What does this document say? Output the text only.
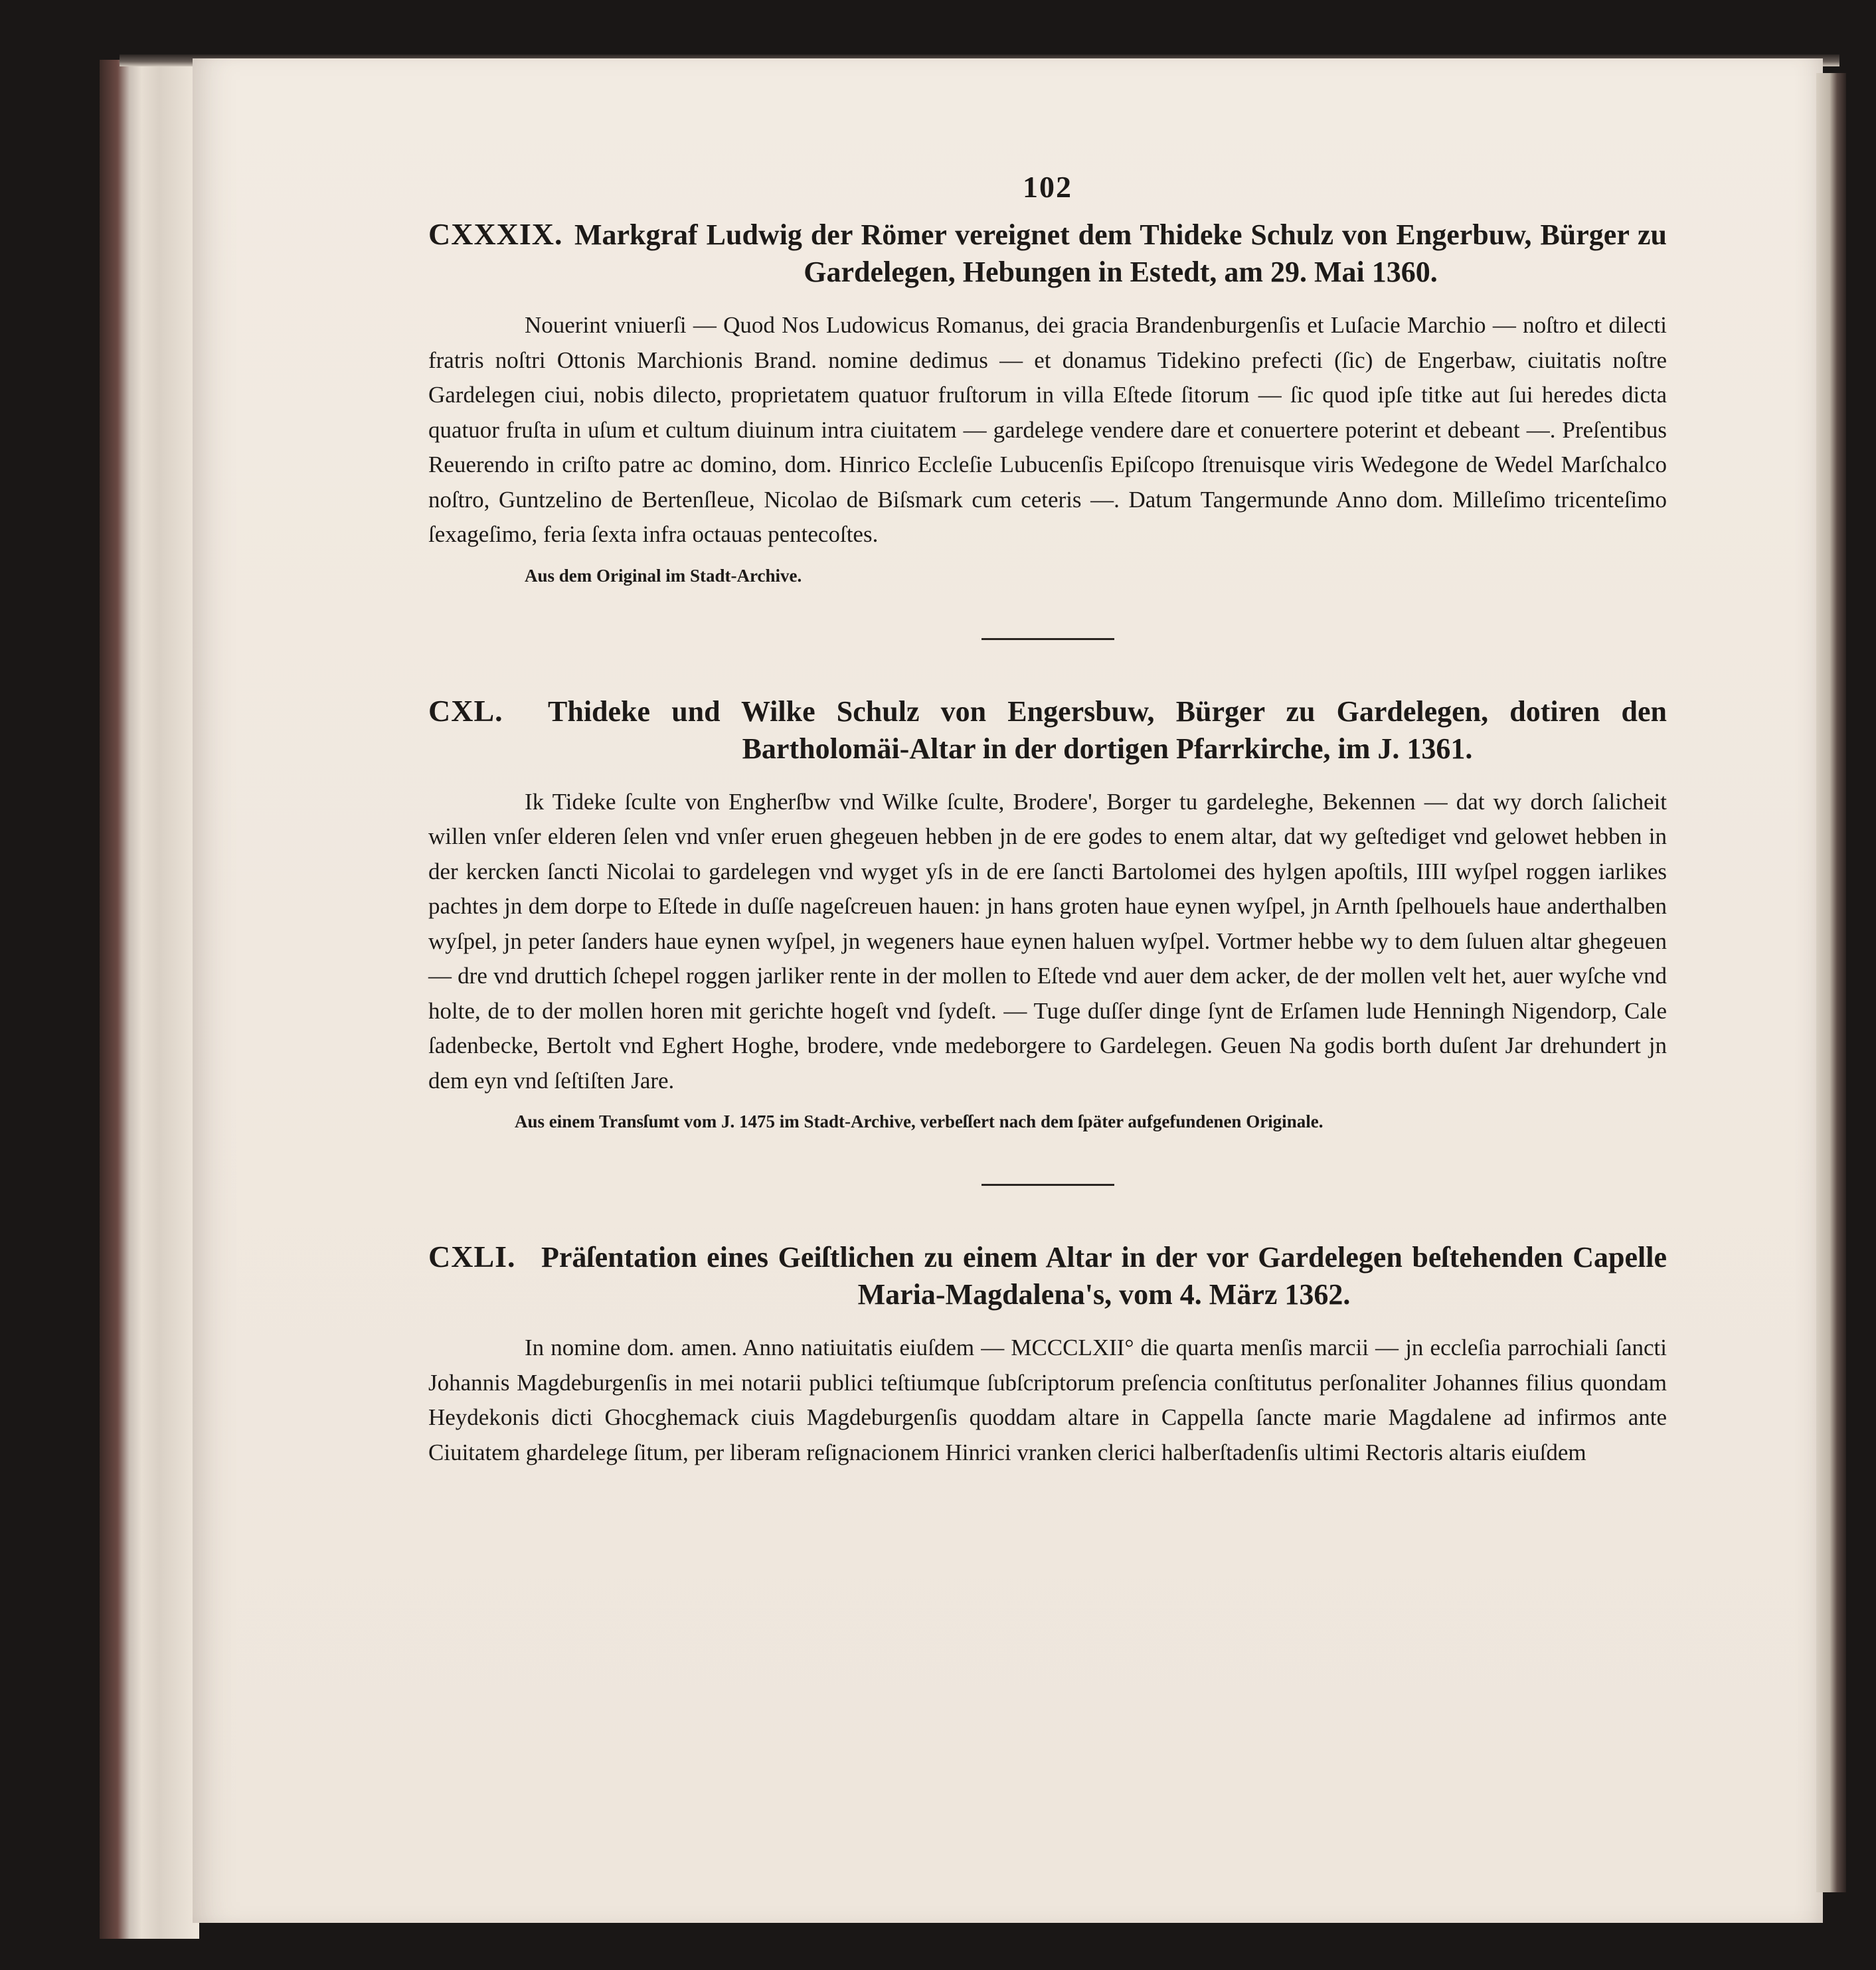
102
CXXXIX. Markgraf Ludwig der Römer vereignet dem Thideke Schulz von Engerbuw, Bürger zu Gardelegen, Hebungen in Estedt, am 29. Mai 1360.

Nouerint vniuerſi — Quod Nos Ludowicus Romanus, dei gracia Brandenburgenſis et Luſacie Marchio — noſtro et dilecti fratris noſtri Ottonis Marchionis Brand. nomine dedimus — et donamus Tidekino prefecti (ſic) de Engerbaw, ciuitatis noſtre Gardelegen ciui, nobis dilecto, proprietatem quatuor fruſtorum in villa Eſtede ſitorum — ſic quod ipſe titke aut ſui heredes dicta quatuor fruſta in uſum et cultum diuinum intra ciuitatem — gardelege vendere dare et conuertere poterint et debeant —. Preſentibus Reuerendo in criſto patre ac domino, dom. Hinrico Eccleſie Lubucenſis Epiſcopo ſtrenuisque viris Wedegone de Wedel Marſchalco noſtro, Guntzelino de Bertenſleue, Nicolao de Biſsmark cum ceteris —. Datum Tangermunde Anno dom. Milleſimo tricenteſimo ſexageſimo, feria ſexta infra octauas pentecoſtes.

Aus dem Original im Stadt-Archive.
CXL. Thideke und Wilke Schulz von Engersbuw, Bürger zu Gardelegen, dotiren den Bartholomäi-Altar in der dortigen Pfarrkirche, im J. 1361.

Ik Tideke ſculte von Engherſbw vnd Wilke ſculte, Brodere', Borger tu gardeleghe, Bekennen — dat wy dorch ſalicheit willen vnſer elderen ſelen vnd vnſer eruen ghegeuen hebben jn de ere godes to enem altar, dat wy geſtediget vnd gelowet hebben in der kercken ſancti Nicolai to gardelegen vnd wyget yſs in de ere ſancti Bartolomei des hylgen apoſtils, IIII wyſpel roggen iarlikes pachtes jn dem dorpe to Eſtede in duſſe nageſcreuen hauen: jn hans groten haue eynen wyſpel, jn Arnth ſpelhouels haue anderthalben wyſpel, jn peter ſanders haue eynen wyſpel, jn wegeners haue eynen haluen wyſpel. Vortmer hebbe wy to dem ſuluen altar ghegeuen — dre vnd druttich ſchepel roggen jarliker rente in der mollen to Eſtede vnd auer dem acker, de der mollen velt het, auer wyſche vnd holte, de to der mollen horen mit gerichte hogeſt vnd ſydeſt. — Tuge duſſer dinge ſynt de Erſamen lude Henningh Nigendorp, Cale ſadenbecke, Bertolt vnd Eghert Hoghe, brodere, vnde medeborgere to Gardelegen. Geuen Na godis borth duſent Jar drehundert jn dem eyn vnd ſeſtiſten Jare.

Aus einem Transſumt vom J. 1475 im Stadt-Archive, verbeſſert nach dem ſpäter aufgefundenen Originale.
CXLI. Präſentation eines Geiſtlichen zu einem Altar in der vor Gardelegen beſtehenden Capelle Maria-Magdalena's, vom 4. März 1362.

In nomine dom. amen. Anno natiuitatis eiuſdem — MCCCLXII° die quarta menſis marcii — jn eccleſia parrochiali ſancti Johannis Magdeburgenſis in mei notarii publici teſtiumque ſubſcriptorum preſencia conſtitutus perſonaliter Johannes filius quondam Heydekonis dicti Ghocghemack ciuis Magdeburgenſis quoddam altare in Cappella ſancte marie Magdalene ad infirmos ante Ciuitatem ghardelege ſitum, per liberam reſignacionem Hinrici vranken clerici halberſtadenſis ultimi Rectoris altaris eiuſdem
